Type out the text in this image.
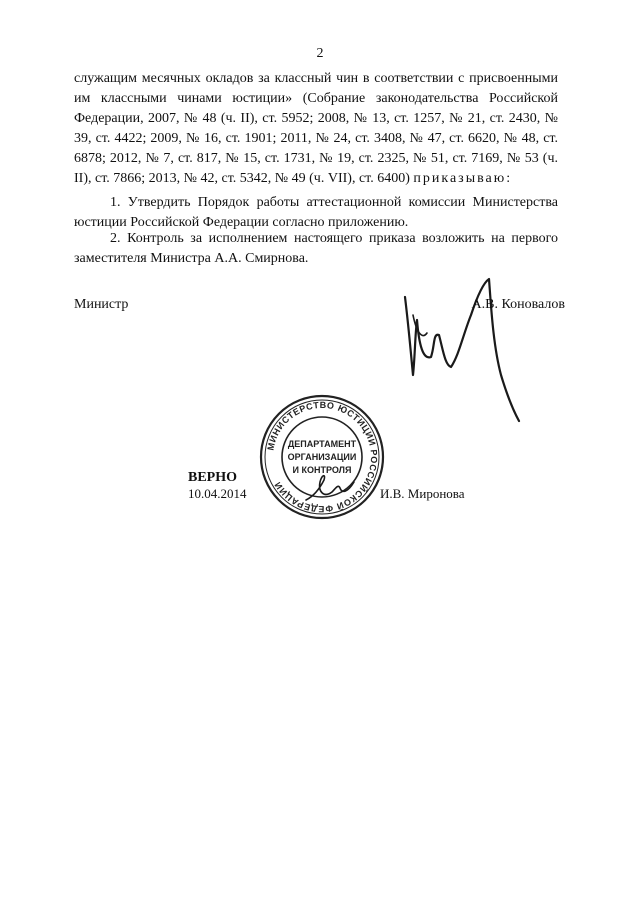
2
служащим месячных окладов за классный чин в соответствии с присвоенными им классными чинами юстиции» (Собрание законодательства Российской Федерации, 2007, № 48 (ч. II), ст. 5952; 2008, № 13, ст. 1257, № 21, ст. 2430, № 39, ст. 4422; 2009, № 16, ст. 1901; 2011, № 24, ст. 3408, № 47, ст. 6620, № 48, ст. 6878; 2012, № 7, ст. 817, № 15, ст. 1731, № 19, ст. 2325, № 51, ст. 7169, № 53 (ч. II), ст. 7866; 2013, № 42, ст. 5342, № 49 (ч. VII), ст. 6400) приказываю:
1. Утвердить Порядок работы аттестационной комиссии Министерства юстиции Российской Федерации согласно приложению.
2. Контроль за исполнением настоящего приказа возложить на первого заместителя Министра А.А. Смирнова.
Министр	А.В. Коновалов
МИНИСТЕРСТВО ЮСТИЦИИ РОССИЙСКОЙ ФЕДЕРАЦИИ
ДЕПАРТАМЕНТ
ОРГАНИЗАЦИИ
И КОНТРОЛЯ
ВЕРНО
10.04.2014	И.В. Миронова
